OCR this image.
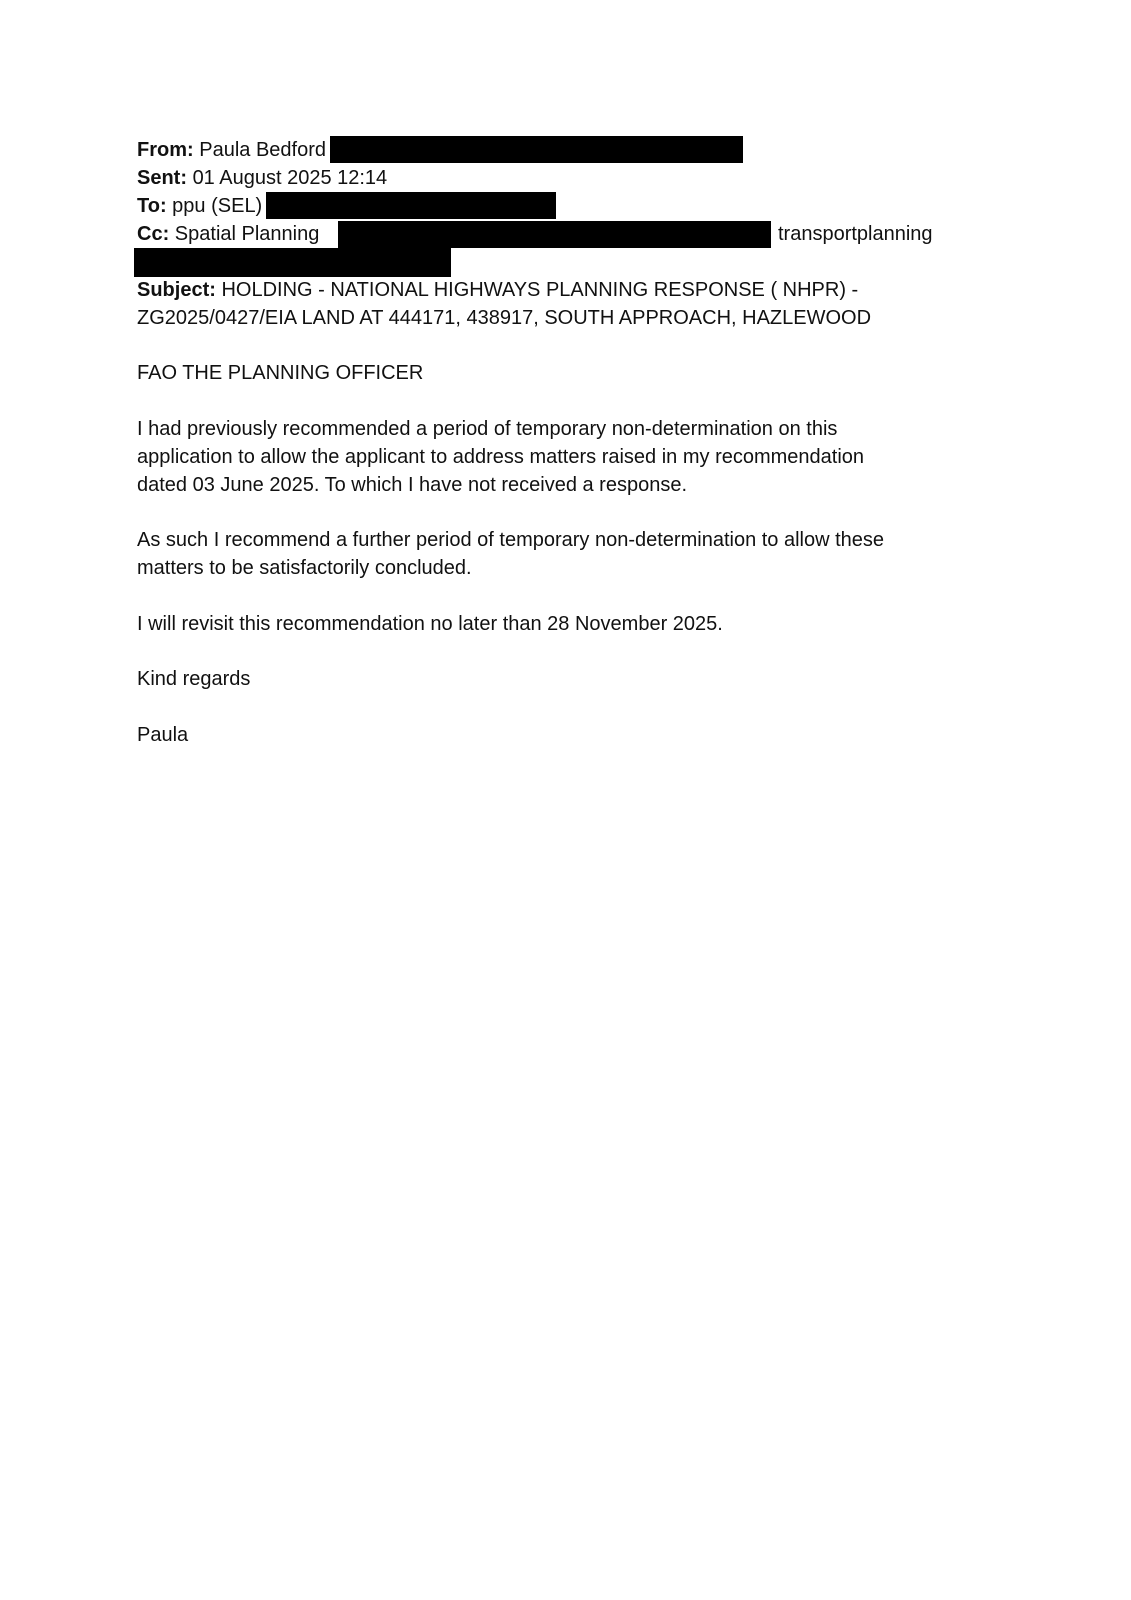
From: Paula Bedford
Sent: 01 August 2025 12:14
To: ppu (SEL)
Cc: Spatial Planning	transportplanning
Subject: HOLDING - NATIONAL HIGHWAYS PLANNING RESPONSE ( NHPR) -
ZG2025/0427/EIA LAND AT 444171, 438917, SOUTH APPROACH, HAZLEWOOD
FAO THE PLANNING OFFICER
I had previously recommended a period of temporary non-determination on this
application to allow the applicant to address matters raised in my recommendation
dated 03 June 2025. To which I have not received a response.
As such I recommend a further period of temporary non-determination to allow these
matters to be satisfactorily concluded.
I will revisit this recommendation no later than 28 November 2025.
Kind regards
Paula
